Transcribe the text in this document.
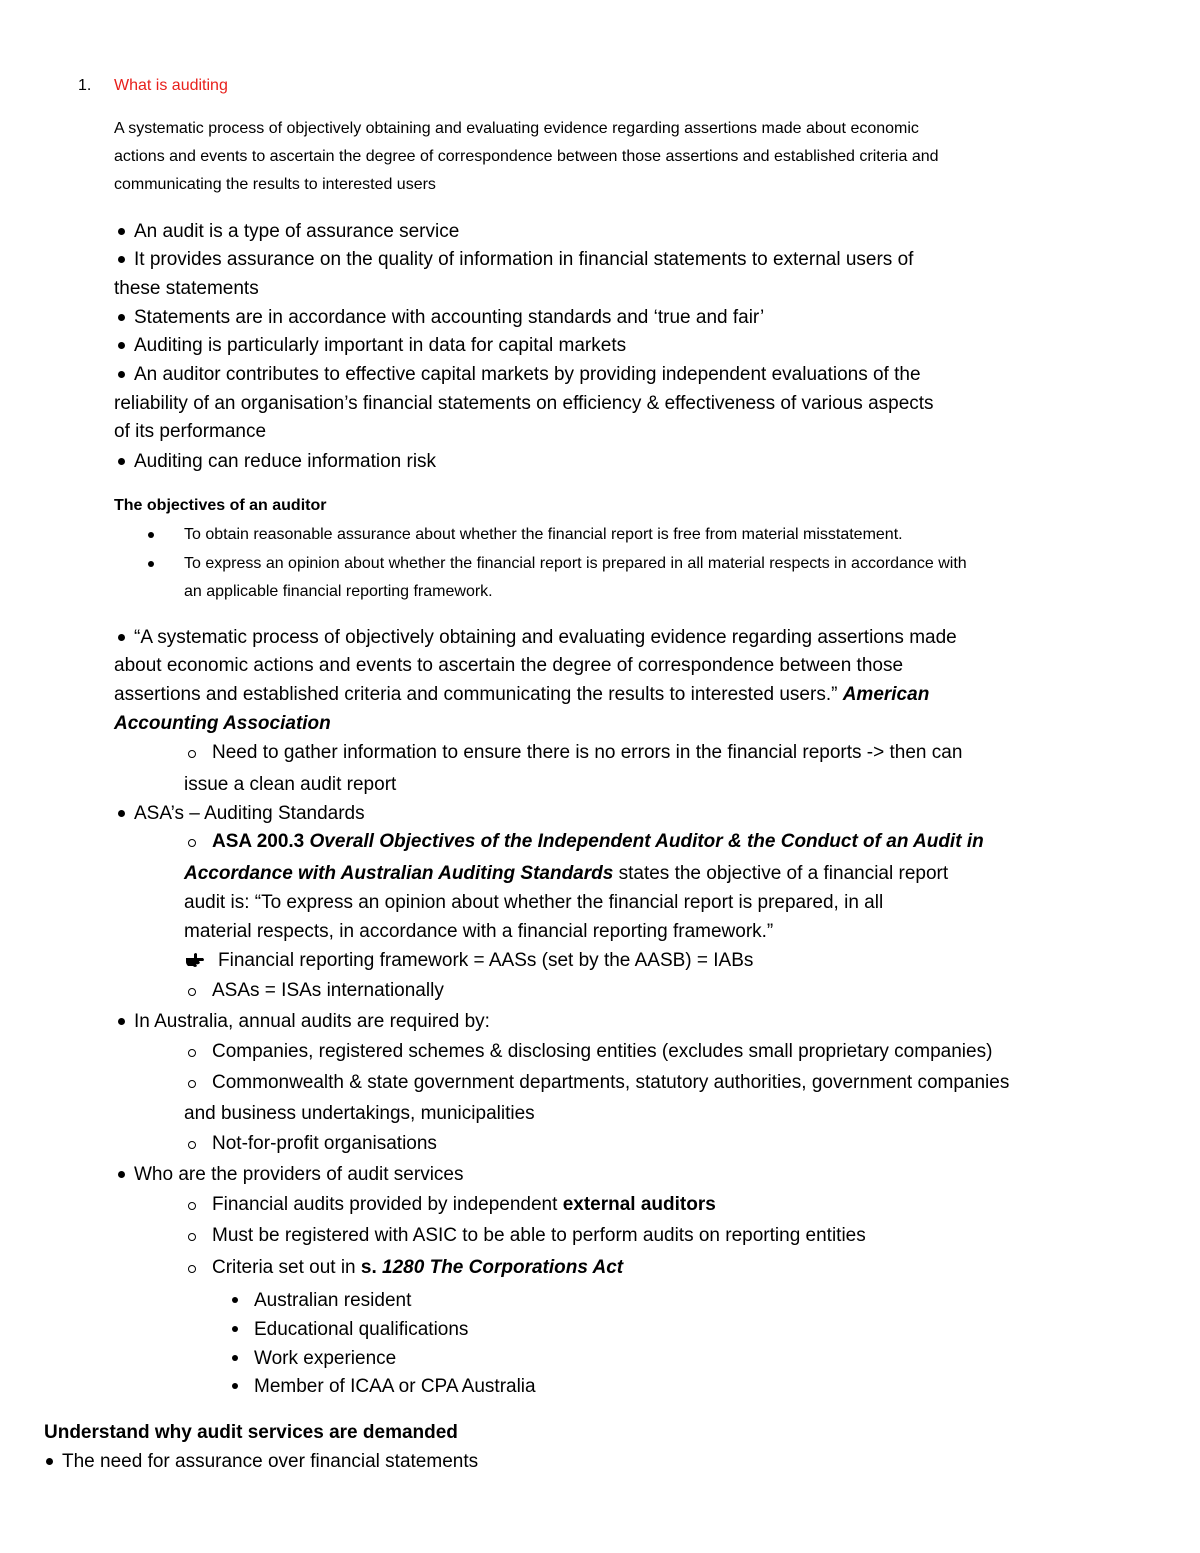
1. What is auditing
A systematic process of objectively obtaining and evaluating evidence regarding assertions made about economic
actions and events to ascertain the degree of correspondence between those assertions and established criteria and
communicating the results to interested users
An audit is a type of assurance service
It provides assurance on the quality of information in financial statements to external users of
these statements
Statements are in accordance with accounting standards and ‘true and fair’
Auditing is particularly important in data for capital markets
An auditor contributes to effective capital markets by providing independent evaluations of the
reliability of an organisation’s financial statements on efficiency & effectiveness of various aspects
of its performance
Auditing can reduce information risk
The objectives of an auditor
To obtain reasonable assurance about whether the financial report is free from material misstatement.
To express an opinion about whether the financial report is prepared in all material respects in accordance with
an applicable financial reporting framework.
“A systematic process of objectively obtaining and evaluating evidence regarding assertions made
about economic actions and events to ascertain the degree of correspondence between those
assertions and established criteria and communicating the results to interested users.” American
Accounting Association
Need to gather information to ensure there is no errors in the financial reports -> then can
issue a clean audit report
ASA’s – Auditing Standards
ASA 200.3 Overall Objectives of the Independent Auditor & the Conduct of an Audit in
Accordance with Australian Auditing Standards states the objective of a financial report
audit is: “To express an opinion about whether the financial report is prepared, in all
material respects, in accordance with a financial reporting framework.”
Financial reporting framework = AASs (set by the AASB) = IABs
ASAs = ISAs internationally
In Australia, annual audits are required by:
Companies, registered schemes & disclosing entities (excludes small proprietary companies)
Commonwealth & state government departments, statutory authorities, government companies
and business undertakings, municipalities
Not-for-profit organisations
Who are the providers of audit services
Financial audits provided by independent external auditors
Must be registered with ASIC to be able to perform audits on reporting entities
Criteria set out in s. 1280 The Corporations Act
Australian resident
Educational qualifications
Work experience
Member of ICAA or CPA Australia
Understand why audit services are demanded
The need for assurance over financial statements
